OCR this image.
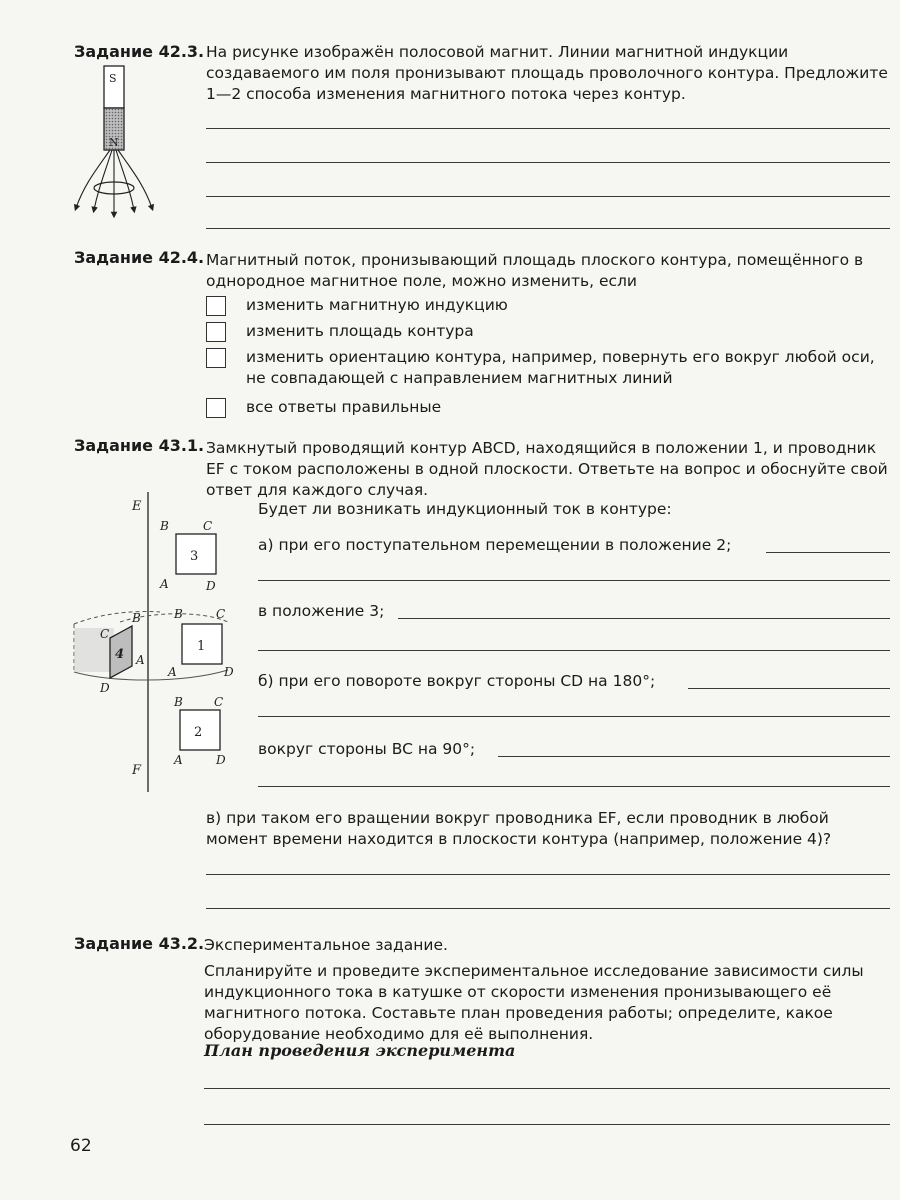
Задание 42.3. На рисунке изображён полосовой магнит. Линии магнитной индукции создаваемого им поля пронизывают площадь проволочного контура. Предложите 1—2 способа изменения магнитного потока через контур.
S
N
Задание 42.4. Магнитный поток, пронизывающий площадь плоского контура, помещённого в однородное магнитное поле, можно изменить, если
изменить магнитную индукцию
изменить площадь контура
изменить ориентацию контура, например, повернуть его вокруг любой оси, не совпадающей с направлением магнитных линий
все ответы правильные
Задание 43.1. Замкнутый проводящий контур ABCD, находящийся в положении 1, и проводник EF с током расположены в одной плоскости. Ответьте на вопрос и обоснуйте свой ответ для каждого случая.
E
F
B	C
A	D
3
C
B
D
A
4
B	C
A	D
1
B	C
A	D
2
Будет ли возникать индукционный ток в контуре:
а) при его поступательном перемещении в положение 2;
в положение 3;
б) при его повороте вокруг стороны CD на 180°;
вокруг стороны BC на 90°;
в) при таком его вращении вокруг проводника EF, если проводник в любой момент времени находится в плоскости контура (например, положение 4)?
Задание 43.2. Экспериментальное задание.
Спланируйте и проведите экспериментальное исследование зависимости силы индукционного тока в катушке от скорости изменения пронизывающего её магнитного потока. Составьте план проведения работы; определите, какое оборудование необходимо для её выполнения.
План проведения эксперимента
62
